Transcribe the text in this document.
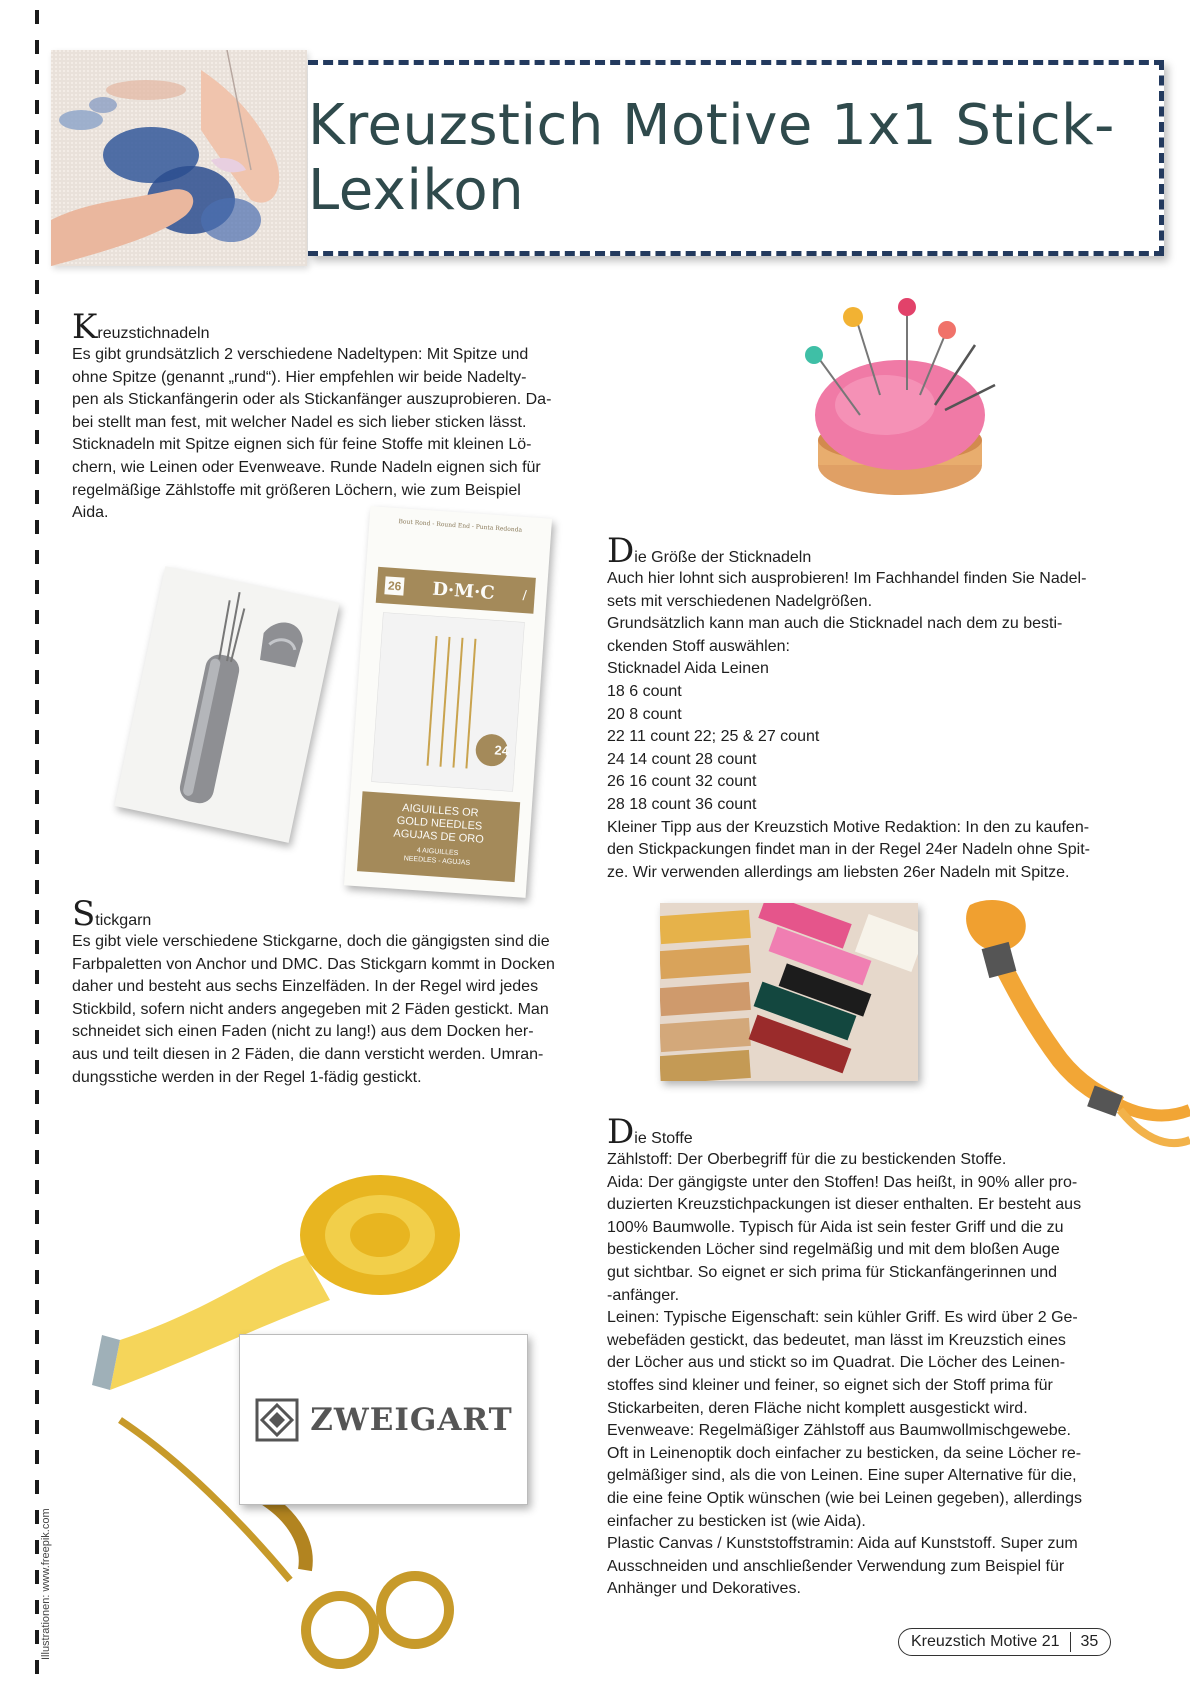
Illustrationen: www.freepik.com
Kreuzstich Motive 1x1 Stick-Lexikon
Kreuzstichnadeln
Es gibt grundsätzlich 2 verschiedene Nadeltypen: Mit Spitze und
ohne Spitze (genannt „rund“). Hier empfehlen wir beide Nadelty-
pen als Stickanfängerin oder als Stickanfänger auszuprobieren. Da-
bei stellt man fest, mit welcher Nadel es sich lieber sticken lässt.
Sticknadeln mit Spitze eignen sich für feine Stoffe mit kleinen Lö-
chern, wie Leinen oder Evenweave. Runde Nadeln eignen sich für
regelmäßige Zählstoffe mit größeren Löchern, wie zum Beispiel
Aida.
Bout Rond - Round End - Punta Redonda
26 D·M·C /
24
AIGUILLES OR
GOLD NEEDLES
AGUJAS DE ORO
4 AIGUILLES
NEEDLES - AGUJAS
Stickgarn
Es gibt viele verschiedene Stickgarne, doch die gängigsten sind die
Farbpaletten von Anchor und DMC. Das Stickgarn kommt in Docken
daher und besteht aus sechs Einzelfäden. In der Regel wird jedes
Stickbild, sofern nicht anders angegeben mit 2 Fäden gestickt. Man
schneidet sich einen Faden (nicht zu lang!) aus dem Docken her-
aus und teilt diesen in 2 Fäden, die dann versticht werden. Umran-
dungsstiche werden in der Regel 1-fädig gestickt.
ZWEIGART
Die Größe der Sticknadeln
Auch hier lohnt sich ausprobieren! Im Fachhandel finden Sie Nadel-
sets mit verschiedenen Nadelgrößen.
Grundsätzlich kann man auch die Sticknadel nach dem zu besti-
ckenden Stoff auswählen:
Sticknadel Aida Leinen
18 6 count
20 8 count
22 11 count 22; 25 & 27 count
24 14 count 28 count
26 16 count 32 count
28 18 count 36 count
Kleiner Tipp aus der Kreuzstich Motive Redaktion: In den zu kaufen-
den Stickpackungen findet man in der Regel 24er Nadeln ohne Spit-
ze. Wir verwenden allerdings am liebsten 26er Nadeln mit Spitze.
Die Stoffe
Zählstoff: Der Oberbegriff für die zu bestickenden Stoffe.
Aida: Der gängigste unter den Stoffen! Das heißt, in 90% aller pro-
duzierten Kreuzstichpackungen ist dieser enthalten. Er besteht aus
100% Baumwolle. Typisch für Aida ist sein fester Griff und die zu
bestickenden Löcher sind regelmäßig und mit dem bloßen Auge
gut sichtbar. So eignet er sich prima für Stickanfängerinnen und
-anfänger.
Leinen: Typische Eigenschaft: sein kühler Griff. Es wird über 2 Ge-
webefäden gestickt, das bedeutet, man lässt im Kreuzstich eines
der Löcher aus und stickt so im Quadrat. Die Löcher des Leinen-
stoffes sind kleiner und feiner, so eignet sich der Stoff prima für
Stickarbeiten, deren Fläche nicht komplett ausgestickt wird.
Evenweave: Regelmäßiger Zählstoff aus Baumwollmischgewebe.
Oft in Leinenoptik doch einfacher zu besticken, da seine Löcher re-
gelmäßiger sind, als die von Leinen. Eine super Alternative für die,
die eine feine Optik wünschen (wie bei Leinen gegeben), allerdings
einfacher zu besticken ist (wie Aida).
Plastic Canvas / Kunststoffstramin: Aida auf Kunststoff. Super zum
Ausschneiden und anschließender Verwendung zum Beispiel für
Anhänger und Dekoratives.
Kreuzstich Motive 21 35
